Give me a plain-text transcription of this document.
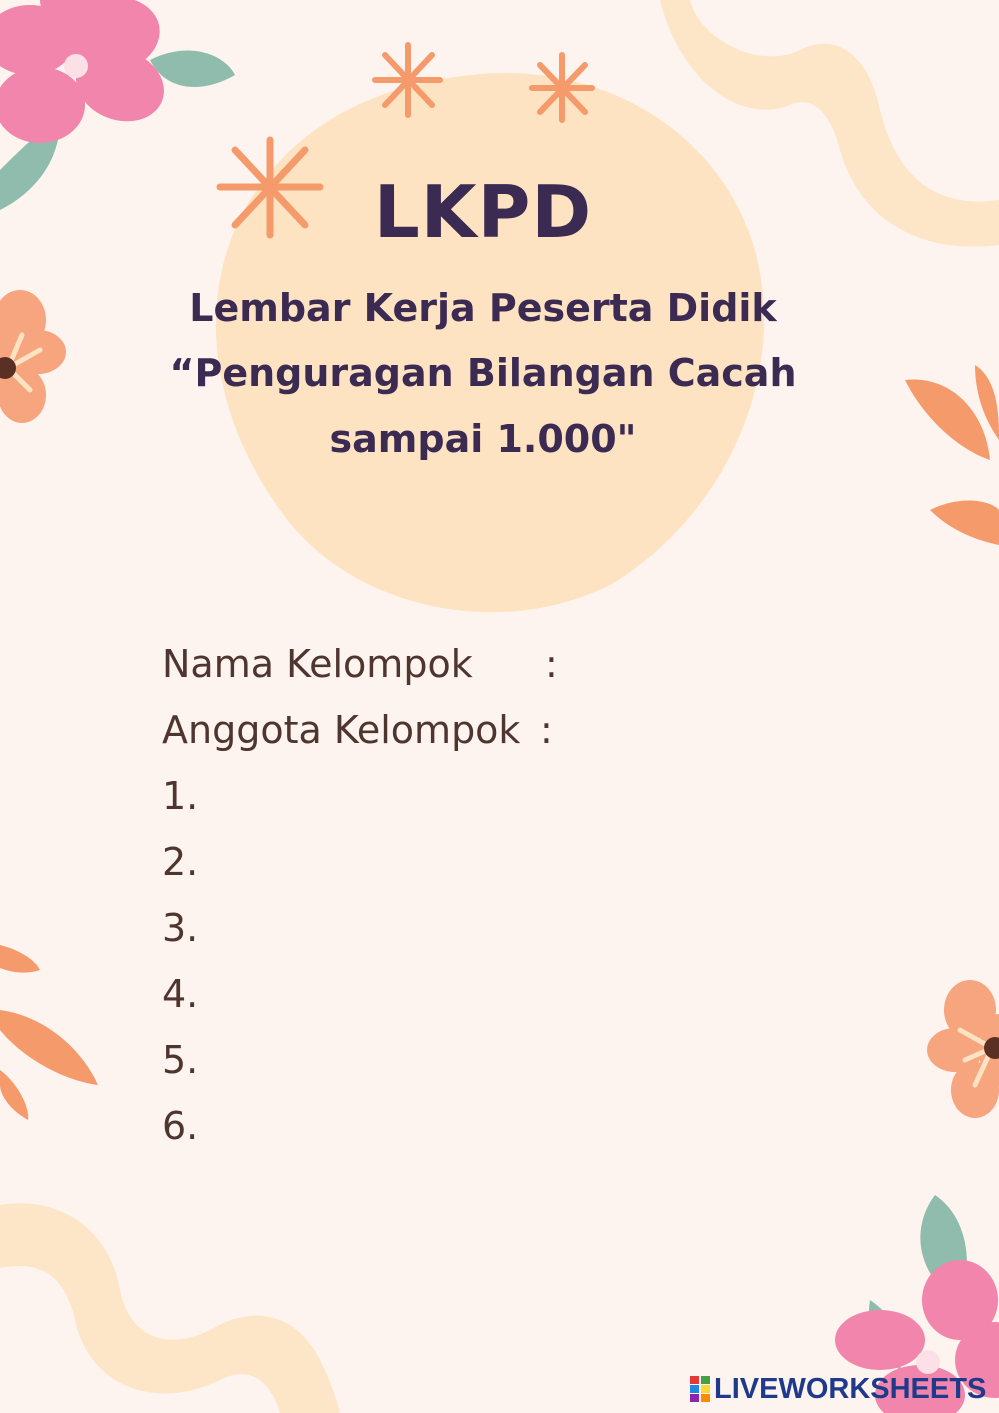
LKPD
Lembar Kerja Peserta Didik
“Penguragan Bilangan Cacah
sampai 1.000"
Nama Kelompok :
Anggota Kelompok :
1.
2.
3.
4.
5.
6.
LIVEWORKSHEETS
